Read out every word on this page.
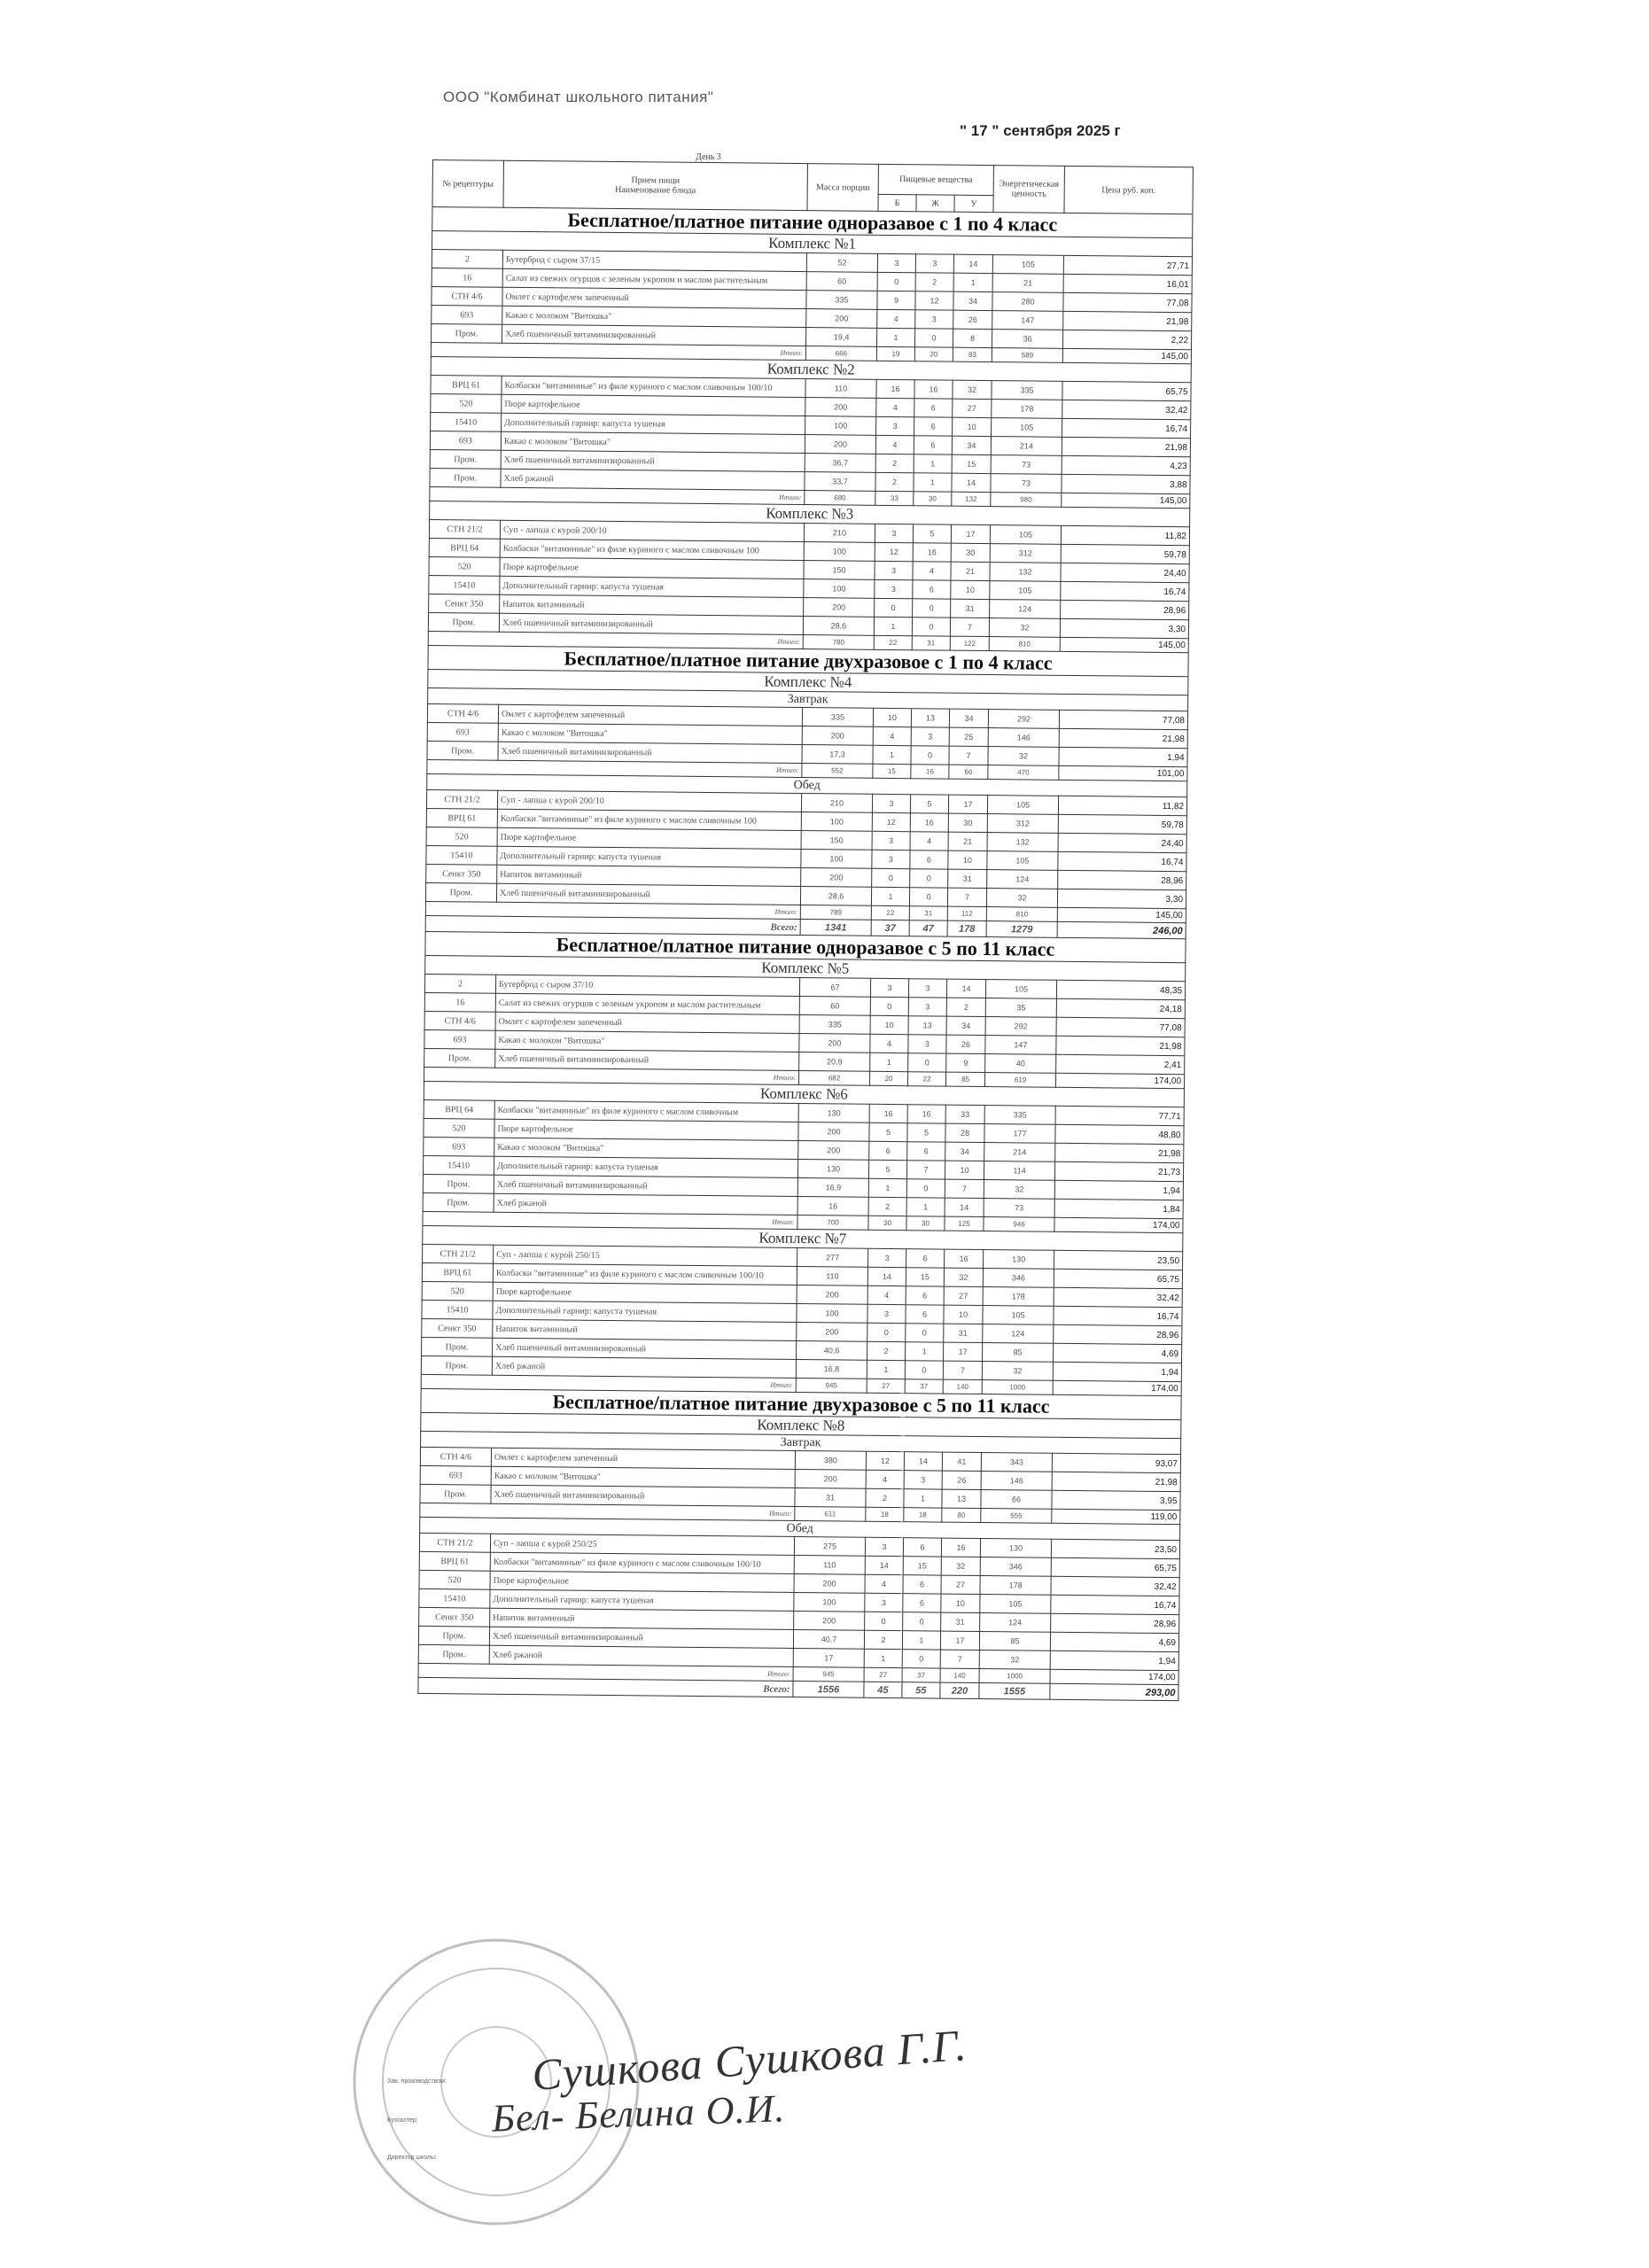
ООО "Комбинат школьного питания"
" 17 " сентября 2025 г
День 3
№ рецептуры	Прием пищи
Наименование блюда	Масса порции	Пищевые вещества			Энергетическая ценность	Цена руб. коп.
			Б	Ж	У		
Бесплатное/платное питание одноразавое с 1 по 4 класс							
Комплекс №1							
2	Бутерброд с сыром 37/15	52	3	3	14	105	27,71
16	Салат из свежих огурцов с зеленым укропом и маслом растительным	60	0	2	1	21	16,01
СТН 4/6	Омлет с картофелем запеченный	335	9	12	34	280	77,08
693	Какао с молоком "Витошка"	200	4	3	26	147	21,98
Пром.	Хлеб пшеничный витаминизированный	19,4	1	0	8	36	2,22
Итого:		666	19	20	83	589	145,00
Комплекс №2							
ВРЦ 61	Колбаски "витаминные" из филе куриного с маслом сливочным 100/10	110	16	16	32	335	65,75
520	Пюре картофельное	200	4	6	27	178	32,42
15410	Дополнительный гарнир: капуста тушеная	100	3	6	10	105	16,74
693	Какао с молоком "Витошка"	200	4	6	34	214	21,98
Пром.	Хлеб пшеничный витаминизированный	36,7	2	1	15	73	4,23
Пром.	Хлеб ржаной	33,7	2	1	14	73	3,88
Итого:		680	33	30	132	980	145,00
Комплекс №3							
СТН 21/2	Суп - лапша с курой 200/10	210	3	5	17	105	11,82
ВРЦ 64	Колбаски "витаминные" из филе куриного с маслом сливочным 100	100	12	16	30	312	59,78
520	Пюре картофельное	150	3	4	21	132	24,40
15410	Дополнительный гарнир: капуста тушеная	100	3	6	10	105	16,74
Сенкт 350	Напиток витаминный	200	0	0	31	124	28,96
Пром.	Хлеб пшеничный витаминизированный	28,6	1	0	7	32	3,30
Итого:		780	22	31	122	810	145,00
Бесплатное/платное питание двухразовое с 1 по 4 класс							
Комплекс №4							
Завтрак							
СТН 4/6	Омлет с картофелем запеченный	335	10	13	34	292	77,08
693	Какао с молоком "Витошка"	200	4	3	25	146	21,98
Пром.	Хлеб пшеничный витаминизированный	17,3	1	0	7	32	1,94
Итого:		552	15	16	66	470	101,00
Обед							
СТН 21/2	Суп - лапша с курой 200/10	210	3	5	17	105	11,82
ВРЦ 61	Колбаски "витаминные" из филе куриного с маслом сливочным 100	100	12	16	30	312	59,78
520	Пюре картофельное	150	3	4	21	132	24,40
15410	Дополнительный гарнир: капуста тушеная	100	3	6	10	105	16,74
Сенкт 350	Напиток витаминный	200	0	0	31	124	28,96
Пром.	Хлеб пшеничный витаминизированный	28,6	1	0	7	32	3,30
Итого:		789	22	31	112	810	145,00
Всего:		1341	37	47	178	1279	246,00
Бесплатное/платное питание одноразавое с 5 по 11 класс							
Комплекс №5							
2	Бутерброд с сыром 37/10	67	3	3	14	105	48,35
16	Салат из свежих огурцов с зеленым укропом и маслом растительным	60	0	3	2	35	24,18
СТН 4/6	Омлет с картофелем запеченный	335	10	13	34	292	77,08
693	Какао с молоком "Витошка"	200	4	3	26	147	21,98
Пром.	Хлеб пшеничный витаминизированный	20,9	1	0	9	40	2,41
Итого:		682	20	22	85	619	174,00
Комплекс №6							
ВРЦ 64	Колбаски "витаминные" из филе куриного с маслом сливочным	130	16	16	33	335	77,71
520	Пюре картофельное	200	5	5	28	177	48,80
693	Какао с молоком "Витошка"	200	6	6	34	214	21,98
15410	Дополнительный гарнир: капуста тушеная	130	5	7	10	114	21,73
Пром.	Хлеб пшеничный витаминизированный	16,9	1	0	7	32	1,94
Пром.	Хлеб ржаной	16	2	1	14	73	1,84
Итого:		700	30	30	125	946	174,00
Комплекс №7							
СТН 21/2	Суп - лапша с курой 250/15	277	3	6	16	130	23,50
ВРЦ 61	Колбаски "витаминные" из филе куриного с маслом сливочным 100/10	110	14	15	32	346	65,75
520	Пюре картофельное	200	4	6	27	178	32,42
15410	Дополнительный гарнир: капуста тушеная	100	3	6	10	105	16,74
Сенкт 350	Напиток витаминный	200	0	0	31	124	28,96
Пром.	Хлеб пшеничный витаминизированный	40,6	2	1	17	85	4,69
Пром.	Хлеб ржаной	16,8	1	0	7	32	1,94
Итого:		945	27	37	140	1000	174,00
Бесплатное/платное питание двухразовое с 5 по 11 класс							
Комплекс №8							
Завтрак							
СТН 4/6	Омлет с картофелем запеченный	380	12	14	41	343	93,07
693	Какао с молоком "Витошка"	200	4	3	26	146	21,98
Пром.	Хлеб пшеничный витаминизированный	31	2	1	13	66	3,95
Итого:		611	18	18	80	555	119,00
Обед							
СТН 21/2	Суп - лапша с курой 250/25	275	3	6	16	130	23,50
ВРЦ 61	Колбаски "витаминные" из филе куриного с маслом сливочным 100/10	110	14	15	32	346	65,75
520	Пюре картофельное	200	4	6	27	178	32,42
15410	Дополнительный гарнир: капуста тушеная	100	3	6	10	105	16,74
Сенкт 350	Напиток витаминный	200	0	0	31	124	28,96
Пром.	Хлеб пшеничный витаминизированный	40,7	2	1	17	85	4,69
Пром.	Хлеб ржаной	17	1	0	7	32	1,94
Итого:		945	27	37	140	1000	174,00
Всего:		1556	45	55	220	1555	293,00
Зав. производством:
Бухгалтер:
Директор школы:
Сушкова Сушкова Г.Г.
Бел- Белина О.И.
